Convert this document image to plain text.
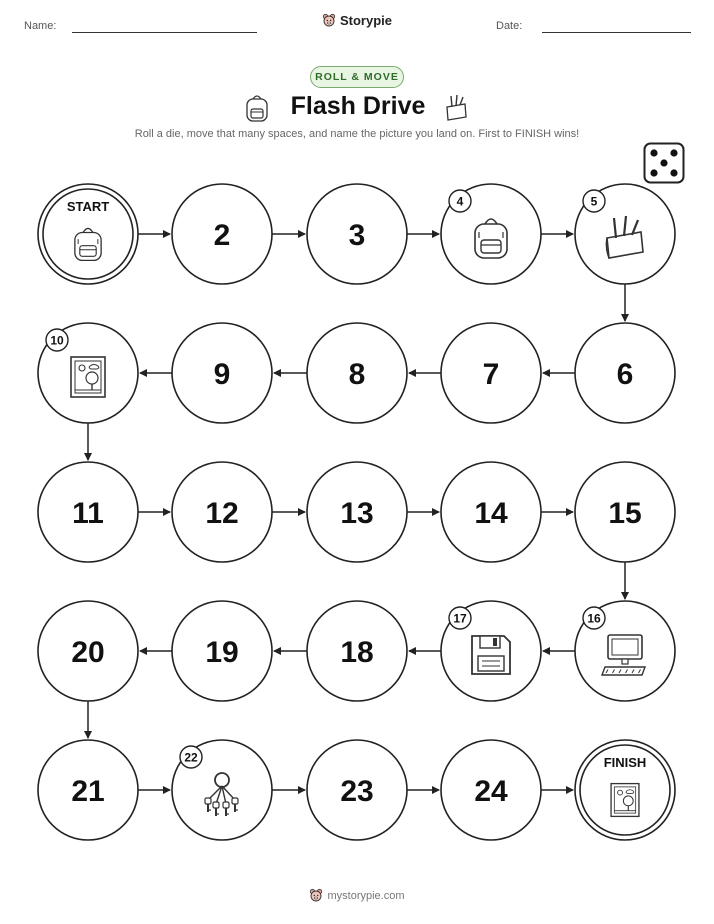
Name:	Storypie	Date:
ROLL & MOVE
Flash Drive
Roll a die, move that many spaces, and name the picture you land on. First to FINISH wins!
START
2	3
4	5
6
7
8
9
10
11	12	13	14	15
16
17
18
19
20
21
22
23	24
FINISH
mystorypie.com
